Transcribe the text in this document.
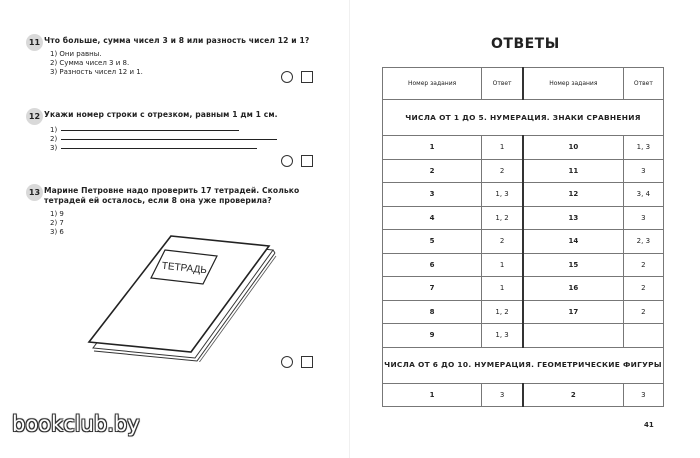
11 Что больше, сумма чисел 3 и 8 или разность чисел 12 и 1?
1) Они равны.
2) Сумма чисел 3 и 8.
3) Разность чисел 12 и 1.
12 Укажи номер строки с отрезком, равным 1 дм 1 см.
1)
2)
3)
13 Марине Петровне надо проверить 17 тетрадей. Сколько тетрадей ей осталось, если 8 она уже проверила?
1) 9
2) 7
3) 6
ТЕТРАДЬ
bookclub.by
ОТВЕТЫ
Номер задания	Ответ	Номер задания	Ответ
ЧИСЛА ОТ 1 ДО 5. НУМЕРАЦИЯ. ЗНАКИ СРАВНЕНИЯ			
1	1	10	1, 3
2	2	11	3
3	1, 3	12	3, 4
4	1, 2	13	3
5	2	14	2, 3
6	1	15	2
7	1	16	2
8	1, 2	17	2
9	1, 3		
ЧИСЛА ОТ 6 ДО 10. НУМЕРАЦИЯ. ГЕОМЕТРИЧЕСКИЕ ФИГУРЫ			
1	3	2	3
41
